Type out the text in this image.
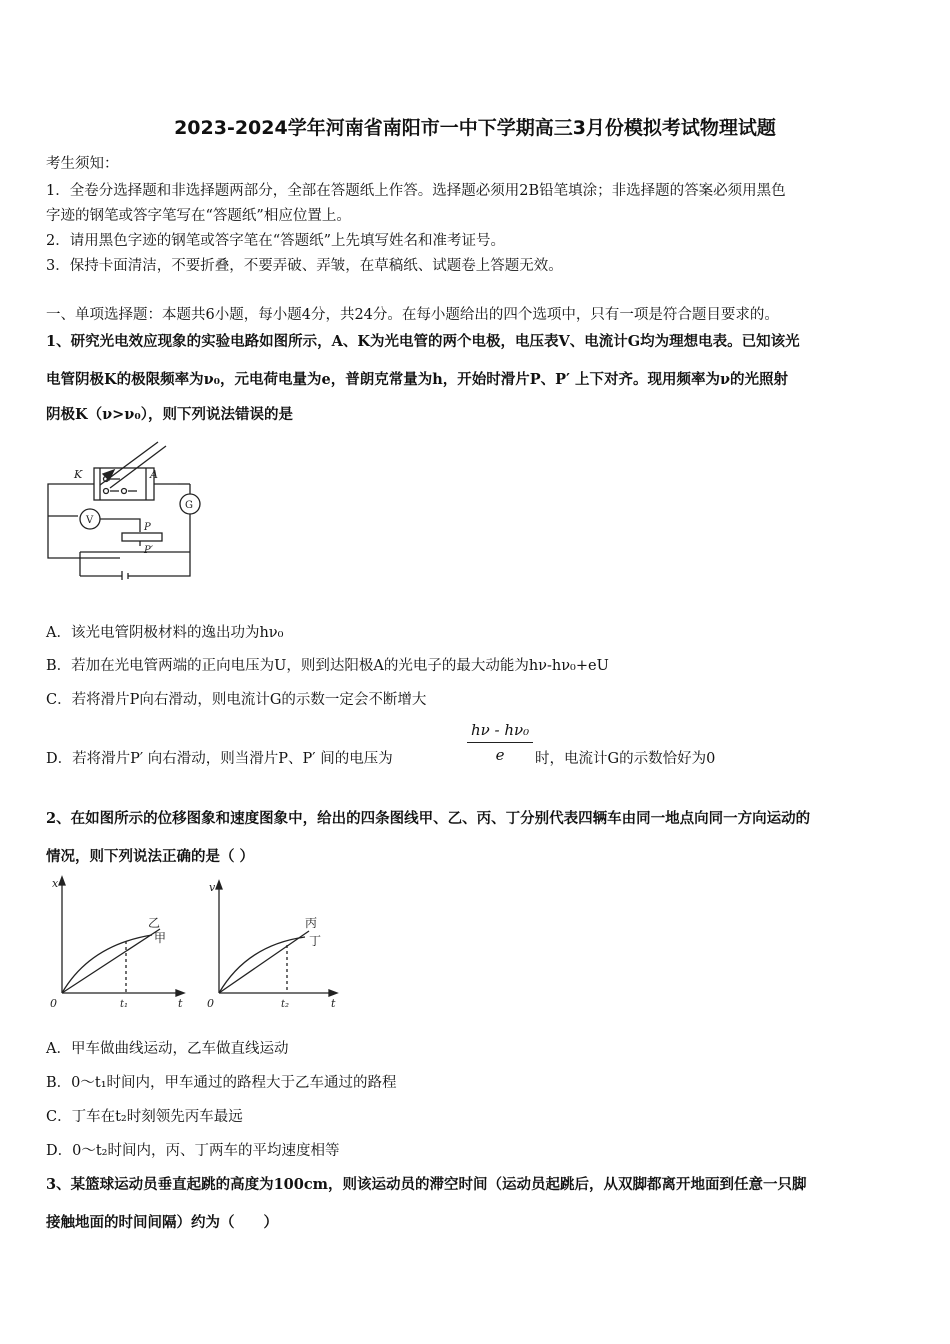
2023-2024学年河南省南阳市一中下学期高三3月份模拟考试物理试题
考生须知：
1．全卷分选择题和非选择题两部分，全部在答题纸上作答。选择题必须用2B铅笔填涂；非选择题的答案必须用黑色
字迹的钢笔或答字笔写在“答题纸”相应位置上。
2．请用黑色字迹的钢笔或答字笔在“答题纸”上先填写姓名和准考证号。
3．保持卡面清洁，不要折叠，不要弄破、弄皱，在草稿纸、试题卷上答题无效。
一、单项选择题：本题共6小题，每小题4分，共24分。在每小题给出的四个选项中，只有一项是符合题目要求的。
1、研究光电效应现象的实验电路如图所示，A、K为光电管的两个电极，电压表V、电流计G均为理想电表。已知该光
电管阴极K的极限频率为ν₀，元电荷电量为e，普朗克常量为h，开始时滑片P、P′ 上下对齐。现用频率为ν的光照射
阴极K（ν>ν₀），则下列说法错误的是
K	A
V
G
P
P′
A．该光电管阴极材料的逸出功为hν₀
B．若加在光电管两端的正向电压为U，则到达阳极A的光电子的最大动能为hν-hν₀+eU
C．若将滑片P向右滑动，则电流计G的示数一定会不断增大
D．若将滑片P′ 向右滑动，则当滑片P、P′ 间的电压为
hν - hν₀
e	时，电流计G的示数恰好为0
2、在如图所示的位移图象和速度图象中，给出的四条图线甲、乙、丙、丁分别代表四辆车由同一地点向同一方向运动的
情况，则下列说法正确的是（ ）
x
t
0	t₁
乙
甲
v
t
0	t₂
丙
丁
A．甲车做曲线运动，乙车做直线运动
B．0～t₁时间内，甲车通过的路程大于乙车通过的路程
C．丁车在t₂时刻领先丙车最远
D．0～t₂时间内，丙、丁两车的平均速度相等
3、某篮球运动员垂直起跳的高度为100cm，则该运动员的滞空时间（运动员起跳后，从双脚都离开地面到任意一只脚
接触地面的时间间隔）约为（　　）
